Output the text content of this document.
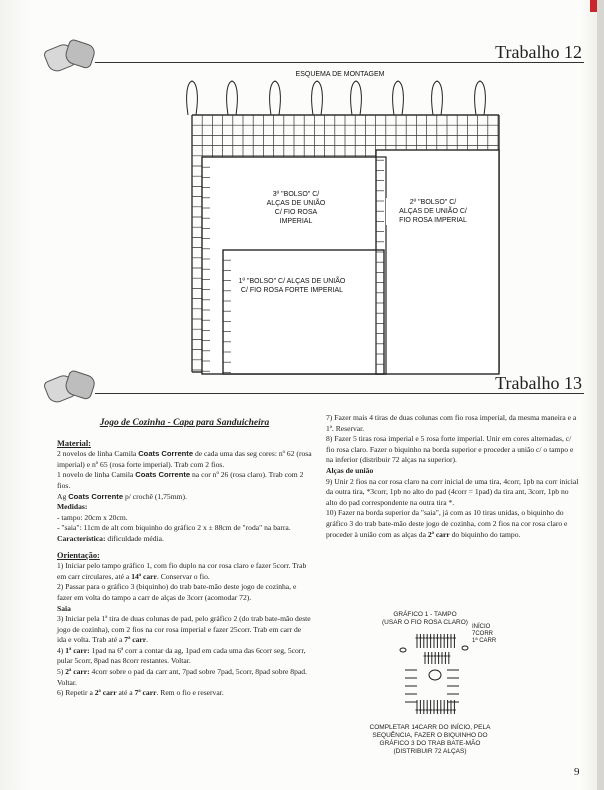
Trabalho 12
ESQUEMA DE MONTAGEM
3º "BOLSO" C/
ALÇAS DE UNIÃO
C/ FIO ROSA
IMPERIAL
2º "BOLSO" C/
ALÇAS DE UNIÃO C/
FIO ROSA IMPERIAL
1º "BOLSO" C/ ALÇAS DE UNIÃO
C/ FIO ROSA FORTE IMPERIAL
Trabalho 13

Jogo de Cozinha - Capa para Sanduicheira

Material:

2 novelos de linha Camila Coats Corrente de cada uma das seg cores: nº 62 (rosa imperial) e nº 65 (rosa forte imperial). Trab com 2 fios.

1 novelo de linha Camila Coats Corrente na cor nº 26 (rosa claro). Trab com 2 fios.

Ag Coats Corrente p/ crochê (1,75mm).

Medidas:

- tampo: 20cm x 20cm.

- "saia": 11cm de alt com biquinho do gráfico 2 x ± 88cm de "roda" na barra.

Característica: dificuldade média.

Orientação:

1) Iniciar pelo tampo gráfico 1, com fio duplo na cor rosa claro e fazer 5corr. Trab em carr circulares, até a 14ª carr. Conservar o fio.

2) Passar para o gráfico 3 (biquinho) do trab bate-mão deste jogo de cozinha, e fazer em volta do tampo a carr de alças de 3corr (acomodar 72).

Saia

3) Iniciar pela 1ª tira de duas colunas de pad, pelo gráfico 2 (do trab bate-mão deste jogo de cozinha), com 2 fios na cor rosa imperial e fazer 25corr. Trab em carr de ida e volta. Trab até a 7ª carr.

4) 1ª carr: 1pad na 6ª corr a contar da ag, 1pad em cada uma das 6corr seg, 5corr, pular 5corr, 8pad nas 8corr restantes. Voltar.

5) 2ª carr: 4corr sobre o pad da carr ant, 7pad sobre 7pad, 5corr, 8pad sobre 8pad. Voltar.

6) Repetir a 2ª carr até a 7ª carr. Rem o fio e reservar.

7) Fazer mais 4 tiras de duas colunas com fio rosa imperial, da mesma maneira e a 1ª. Reservar.

8) Fazer 5 tiras rosa imperial e 5 rosa forte imperial. Unir em cores alternadas, c/ fio rosa claro. Fazer o biquinho na borda superior e proceder a união c/ o tampo e na inferior (distribuir 72 alças na superior).

Alças de união

9) Unir 2 fios na cor rosa claro na corr inicial de uma tira, 4corr, 1pb na corr inicial da outra tira, *3corr, 1pb no alto do pad (4corr = 1pad) da tira ant, 3corr, 1pb no alto do pad correspondente na outra tira *.

10) Fazer na borda superior da "saia", já com as 10 tiras unidas, o biquinho do gráfico 3 do trab bate-mão deste jogo de cozinha, com 2 fios na cor rosa claro e proceder à união com as alças da 2ª carr do biquinho do tampo.

GRÁFICO 1 - TAMPO
(USAR O FIO ROSA CLARO)
INÍCIO
7CORR
1ª CARR
COMPLETAR 14CARR DO INÍCIO, PELA
SEQUÊNCIA, FAZER O BIQUINHO DO
GRÁFICO 3 DO TRAB BATE-MÃO
(DISTRIBUIR 72 ALÇAS)
9
